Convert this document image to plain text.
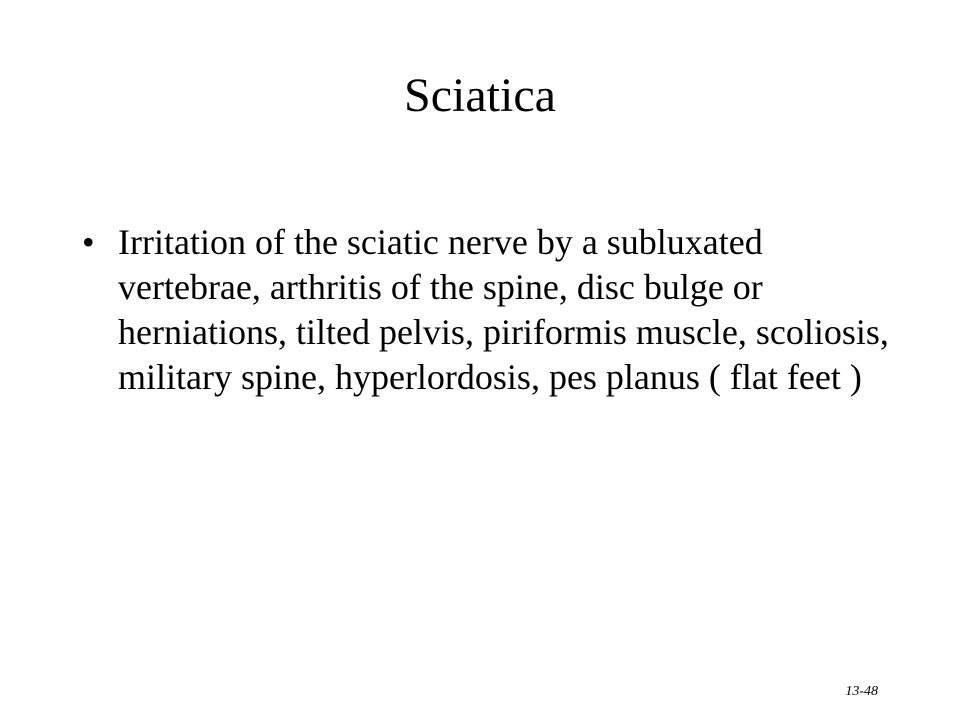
Sciatica
• Irritation of the sciatic nerve by a subluxated vertebrae, arthritis of the spine, disc bulge or herniations, tilted pelvis, piriformis muscle, scoliosis, military spine, hyperlordosis, pes planus ( flat feet )
13-48
